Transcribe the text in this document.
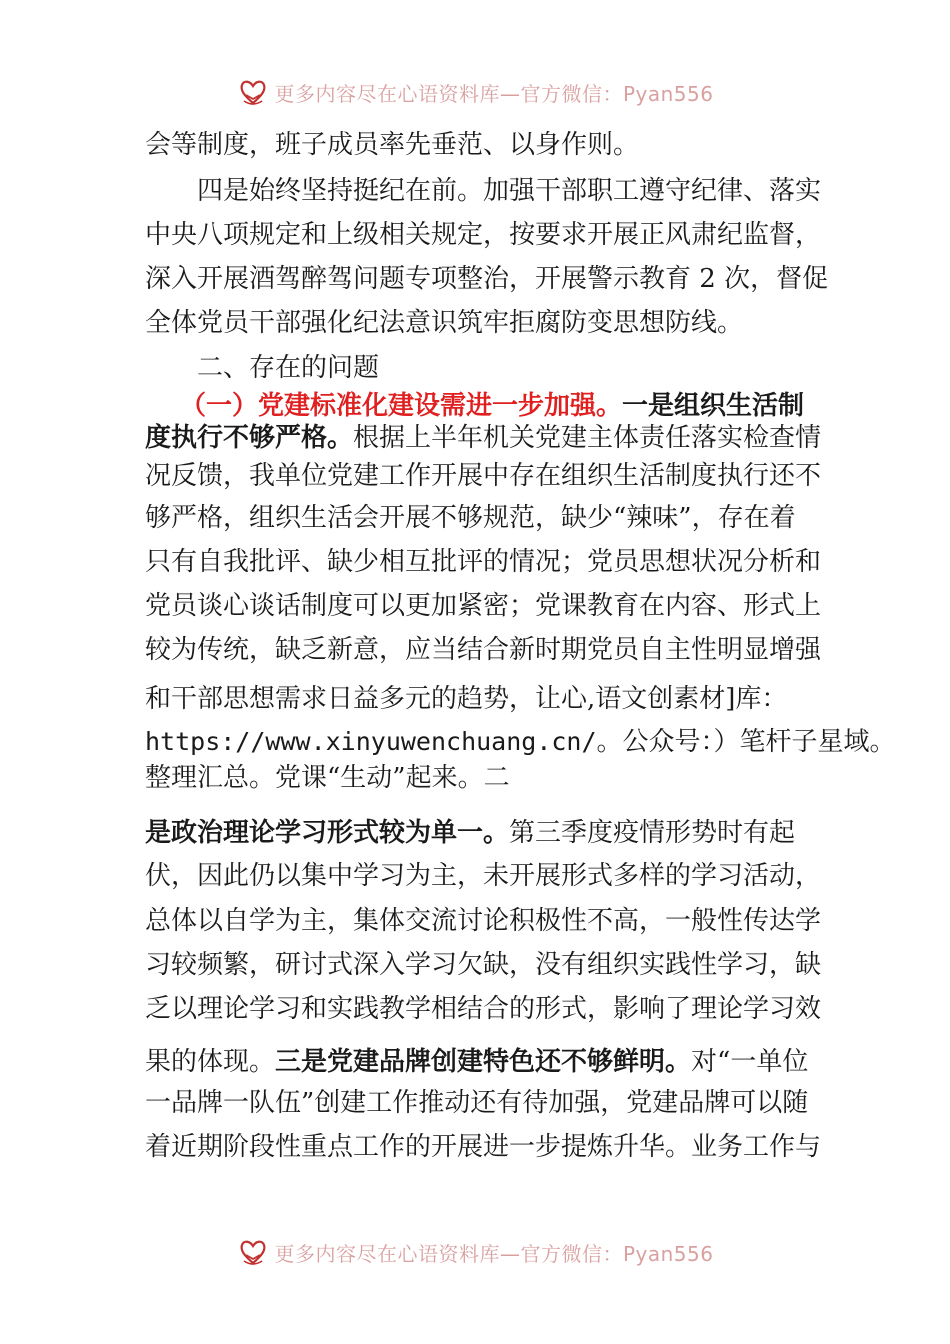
更多内容尽在心语资料库—官方微信：Pyan556
会等制度，班子成员率先垂范、以身作则。
四是始终坚持挺纪在前。加强干部职工遵守纪律、落实
中央八项规定和上级相关规定，按要求开展正风肃纪监督，
深入开展酒驾醉驾问题专项整治，开展警示教育 2 次，督促
全体党员干部强化纪法意识筑牢拒腐防变思想防线。
二、存在的问题
（一）党建标准化建设需进一步加强。一是组织生活制
度执行不够严格。根据上半年机关党建主体责任落实检查情
况反馈，我单位党建工作开展中存在组织生活制度执行还不
够严格，组织生活会开展不够规范，缺少“辣味”，存在着
只有自我批评、缺少相互批评的情况；党员思想状况分析和
党员谈心谈话制度可以更加紧密；党课教育在内容、形式上
较为传统，缺乏新意，应当结合新时期党员自主性明显增强
和干部思想需求日益多元的趋势，让心,语文创素材]库：
https://www.xinyuwenchuang.cn/。公众号：）笔杆子星域。
整理汇总。党课“生动”起来。二
是政治理论学习形式较为单一。第三季度疫情形势时有起
伏，因此仍以集中学习为主，未开展形式多样的学习活动，
总体以自学为主，集体交流讨论积极性不高，一般性传达学
习较频繁，研讨式深入学习欠缺，没有组织实践性学习，缺
乏以理论学习和实践教学相结合的形式，影响了理论学习效
果的体现。三是党建品牌创建特色还不够鲜明。对“一单位
一品牌一队伍”创建工作推动还有待加强，党建品牌可以随
着近期阶段性重点工作的开展进一步提炼升华。业务工作与
更多内容尽在心语资料库—官方微信：Pyan556
